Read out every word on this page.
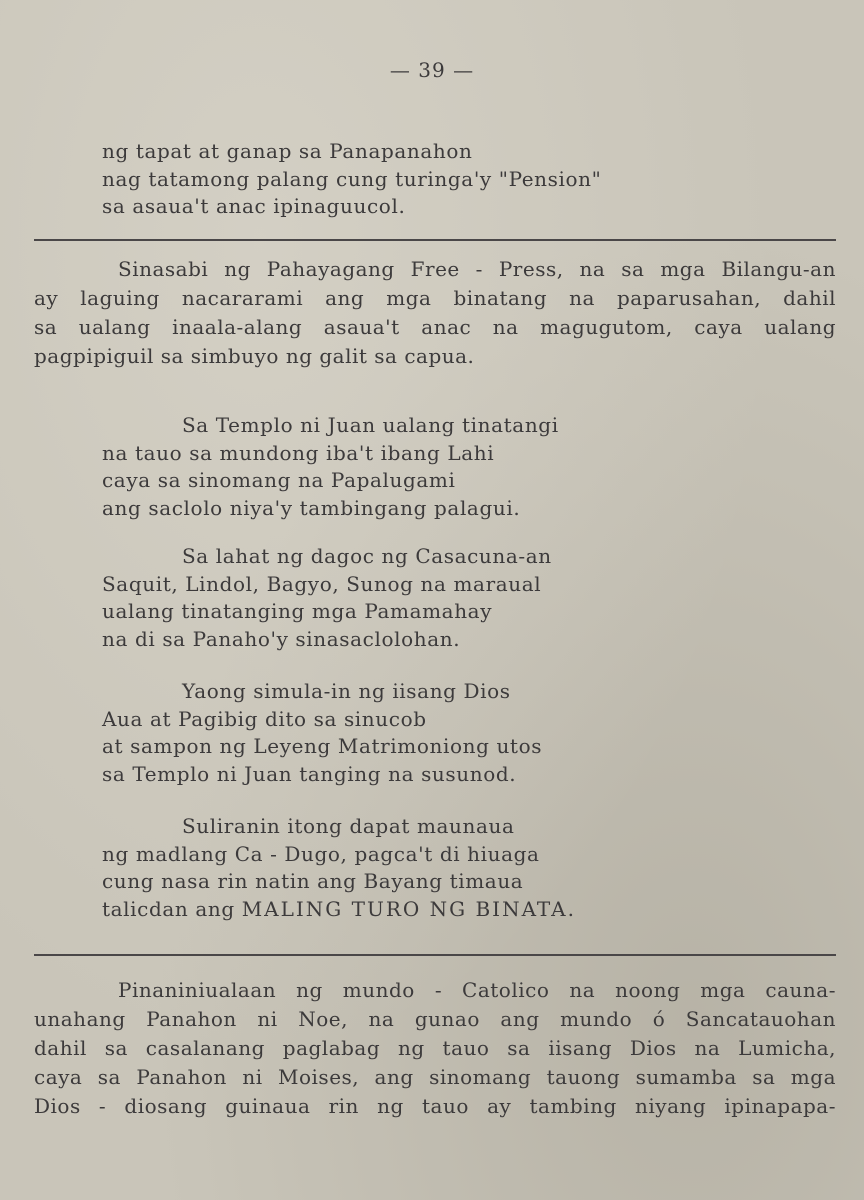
— 39 —
ng tapat at ganap sa Panapanahon
nag tatamong palang cung turinga'y "Pension"
sa asaua't anac ipinaguucol.
Sinasabi ng Pahayagang Free - Press, na sa mga Bilangu-an
ay laguing nacararami ang mga binatang na paparusahan, dahil
sa ualang inaala-alang asaua't anac na magugutom, caya ualang
pagpipiguil sa simbuyo ng galit sa capua.
Sa Templo ni Juan ualang tinatangi
na tauo sa mundong iba't ibang Lahi
caya sa sinomang na Papalugami
ang saclolo niya'y tambingang palagui.
Sa lahat ng dagoc ng Casacuna-an
Saquit, Lindol, Bagyo, Sunog na maraual
ualang tinatanging mga Pamamahay
na di sa Panaho'y sinasaclolohan.
Yaong simula-in ng iisang Dios
Aua at Pagibig dito sa sinucob
at sampon ng Leyeng Matrimoniong utos
sa Templo ni Juan tanging na susunod.
Suliranin itong dapat maunaua
ng madlang Ca - Dugo, pagca't di hiuaga
cung nasa rin natin ang Bayang timaua
talicdan ang MALING TURO NG BINATA.
Pinaniniualaan ng mundo - Catolico na noong mga cauna-
unahang Panahon ni Noe, na gunao ang mundo ó Sancatauohan
dahil sa casalanang paglabag ng tauo sa iisang Dios na Lumicha,
caya sa Panahon ni Moises, ang sinomang tauong sumamba sa mga
Dios - diosang guinaua rin ng tauo ay tambing niyang ipinapapa-
